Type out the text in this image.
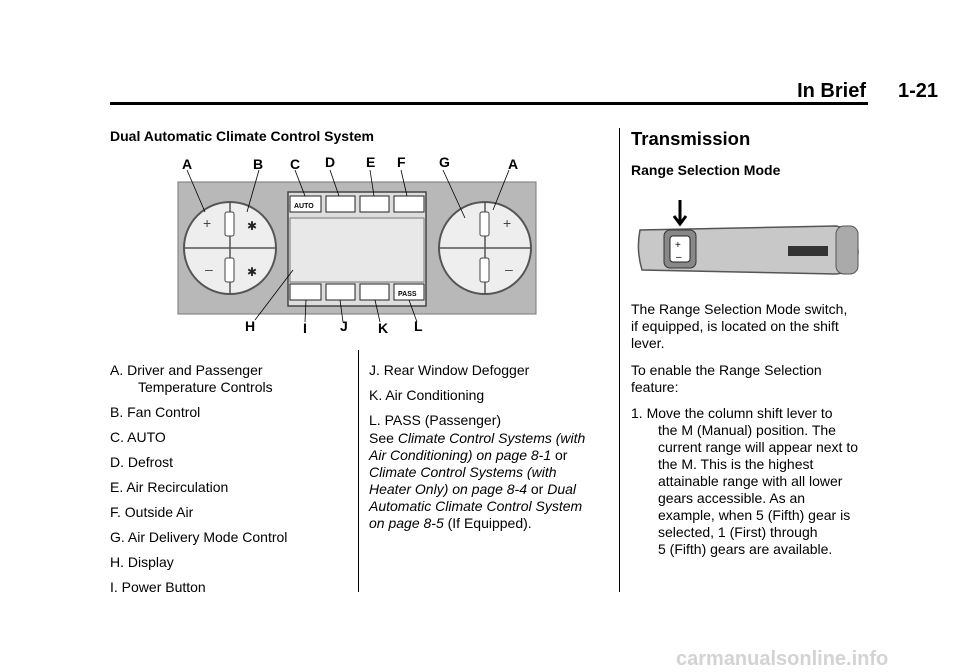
In Brief 1-21
Dual Automatic Climate Control System
+
–
✱
✱
AUTO
PASS
+
–
A	B C D E F G	A
H	I J K L
A. Driver and Passenger
Temperature Controls
B. Fan Control
C. AUTO
D. Defrost
E. Air Recirculation
F. Outside Air
G. Air Delivery Mode Control
H. Display
I. Power Button
J. Rear Window Defogger
K. Air Conditioning
L. PASS (Passenger)
See Climate Control Systems (with
Air Conditioning) on page 8-1 or
Climate Control Systems (with
Heater Only) on page 8-4 or Dual
Automatic Climate Control System
on page 8-5 (If Equipped).
Transmission
Range Selection Mode
+
–
The Range Selection Mode switch,
if equipped, is located on the shift
lever.
To enable the Range Selection
feature:
1. Move the column shift lever to
the M (Manual) position. The
current range will appear next to
the M. This is the highest
attainable range with all lower
gears accessible. As an
example, when 5 (Fifth) gear is
selected, 1 (First) through
5 (Fifth) gears are available.
carmanualsonline.info
